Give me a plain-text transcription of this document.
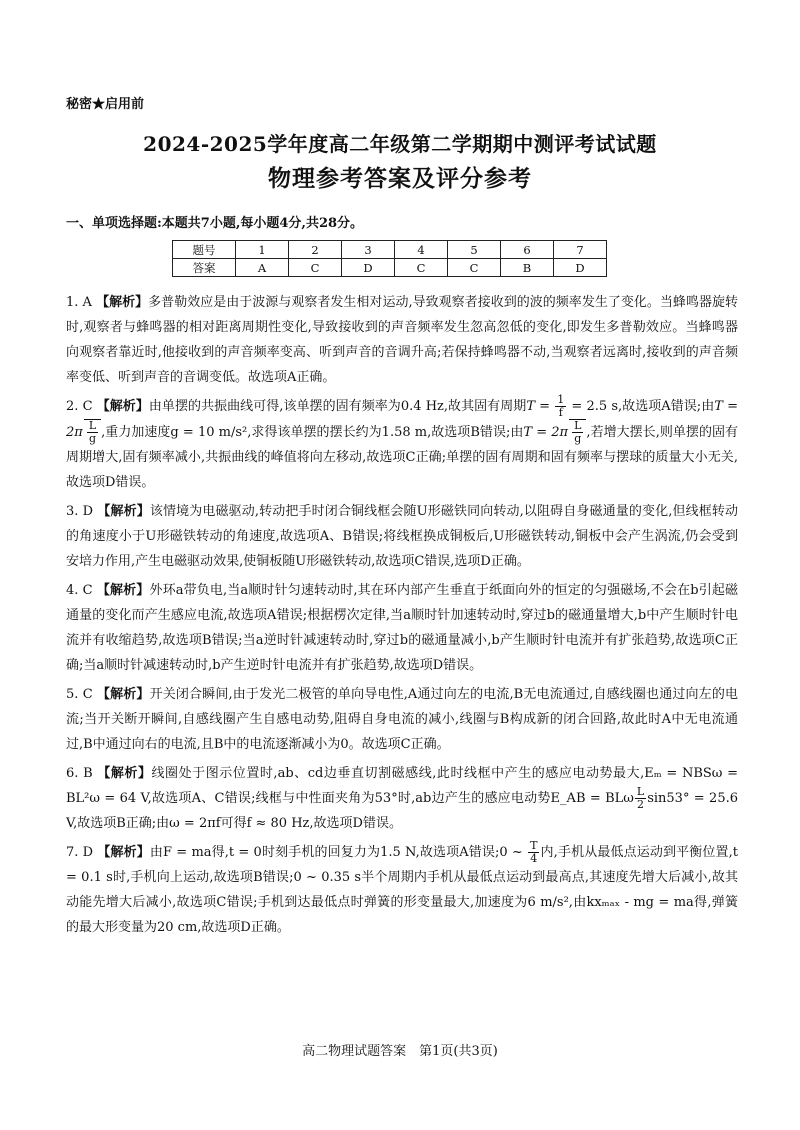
秘密★启用前
2024-2025学年度高二年级第二学期期中测评考试试题
物理参考答案及评分参考
一、单项选择题:本题共7小题,每小题4分,共28分。
题号	1	2	3	4	5	6	7
答案	A	C	D	C	C	B	D

1. A 【解析】多普勒效应是由于波源与观察者发生相对运动,导致观察者接收到的波的频率发生了变化。当蜂鸣器旋转时,观察者与蜂鸣器的相对距离周期性变化,导致接收到的声音频率发生忽高忽低的变化,即发生多普勒效应。当蜂鸣器向观察者靠近时,他接收到的声音频率变高、听到声音的音调升高;若保持蜂鸣器不动,当观察者远离时,接收到的声音频率变低、听到声音的音调变低。故选项A正确。

2. C 【解析】由单摆的共振曲线可得,该单摆的固有频率为0.4 Hz,故其固有周期$T = \frac{1}{f} = 2.5$ s,故选项A错误;由$T = 2\pi \frac{L}{g}$ ,重力加速度g = 10 m/s²,求得该单摆的摆长约为1.58 m,故选项B错误;由$T = 2\pi \frac{L}{g}$ ,若增大摆长,则单摆的固有周期增大,固有频率减小,共振曲线的峰值将向左移动,故选项C正确;单摆的固有周期和固有频率与摆球的质量大小无关,故选项D错误。

3. D 【解析】该情境为电磁驱动,转动把手时闭合铜线框会随U形磁铁同向转动,以阻碍自身磁通量的变化,但线框转动的角速度小于U形磁铁转动的角速度,故选项A、B错误;将线框换成铜板后,U形磁铁转动,铜板中会产生涡流,仍会受到安培力作用,产生电磁驱动效果,使铜板随U形磁铁转动,故选项C错误,选项D正确。

4. C 【解析】外环a带负电,当a顺时针匀速转动时,其在环内部产生垂直于纸面向外的恒定的匀强磁场,不会在b引起磁通量的变化而产生感应电流,故选项A错误;根据楞次定律,当a顺时针加速转动时,穿过b的磁通量增大,b中产生顺时针电流并有收缩趋势,故选项B错误;当a逆时针减速转动时,穿过b的磁通量减小,b产生顺时针电流并有扩张趋势,故选项C正确;当a顺时针减速转动时,b产生逆时针电流并有扩张趋势,故选项D错误。

5. C 【解析】开关闭合瞬间,由于发光二极管的单向导电性,A通过向左的电流,B无电流通过,自感线圈也通过向左的电流;当开关断开瞬间,自感线圈产生自感电动势,阻碍自身电流的减小,线圈与B构成新的闭合回路,故此时A中无电流通过,B中通过向右的电流,且B中的电流逐渐减小为0。故选项C正确。

6. B 【解析】线圈处于图示位置时,ab、cd边垂直切割磁感线,此时线框中产生的感应电动势最大,Eₘ = NBSω = BL²ω = 64 V,故选项A、C错误;线框与中性面夹角为53°时,ab边产生的感应电动势E_AB = BLω $\frac{L}{2} \sin 53^\circ = 25.6$ V,故选项B正确;由ω = 2πf可得f ≈ 80 Hz,故选项D错误。

7. D 【解析】由F = ma得,t = 0时刻手机的回复力为1.5 N,故选项A错误;0 ~ $\frac{T}{4}$ 内,手机从最低点运动到平衡位置,t = 0.1 s时,手机向上运动,故选项B错误;0 ~ 0.35 s半个周期内手机从最低点运动到最高点,其速度先增大后减小,故其动能先增大后减小,故选项C错误;手机到达最低点时弹簧的形变量最大,加速度为6 m/s²,由kxₘₐₓ - mg = ma得,弹簧的最大形变量为20 cm,故选项D正确。

高二物理试题答案　第1页(共3页)
